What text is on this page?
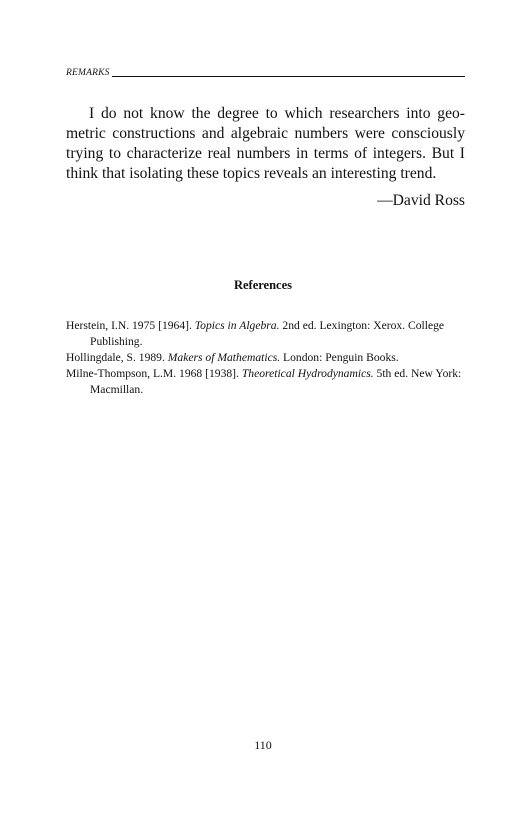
REMARKS

I do not know the degree to which researchers into geometric constructions and algebraic numbers were consciously trying to characterize real numbers in terms of integers. But I think that isolating these topics reveals an interesting trend.

—David Ross
References
Herstein, I.N. 1975 [1964]. Topics in Algebra. 2nd ed. Lexington: Xerox. College Publishing.
Hollingdale, S. 1989. Makers of Mathematics. London: Penguin Books.
Milne-Thompson, L.M. 1968 [1938]. Theoretical Hydrodynamics. 5th ed. New York: Macmillan.
110
